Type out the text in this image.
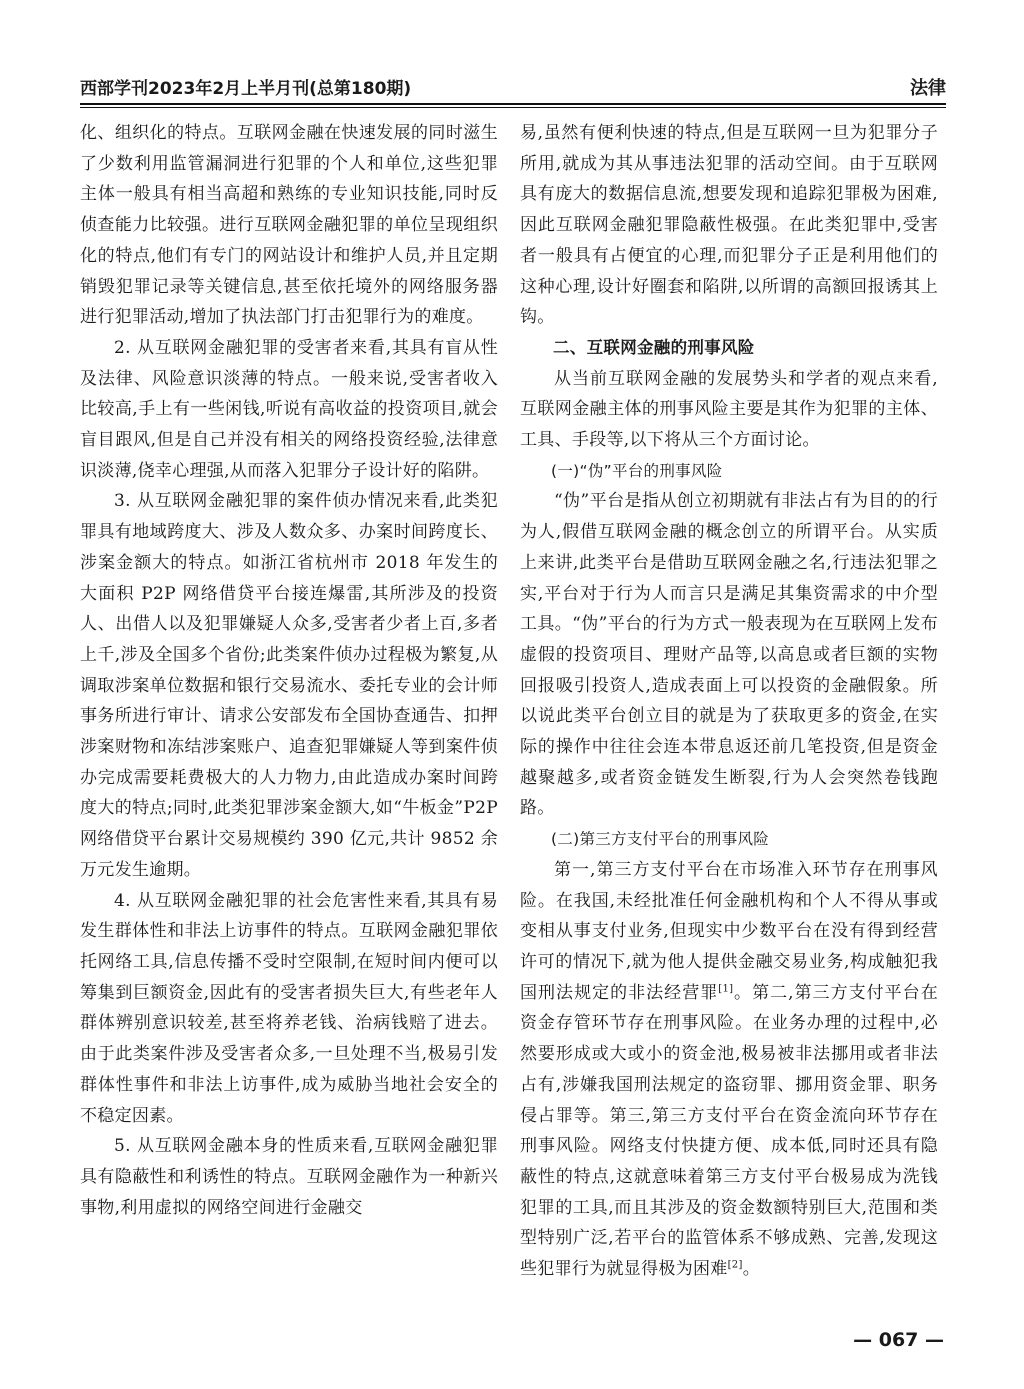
西部学刊2023年2月上半月刊(总第180期)	法律

化、组织化的特点。互联网金融在快速发展的同时滋生了少数利用监管漏洞进行犯罪的个人和单位,这些犯罪主体一般具有相当高超和熟练的专业知识技能,同时反侦查能力比较强。进行互联网金融犯罪的单位呈现组织化的特点,他们有专门的网站设计和维护人员,并且定期销毁犯罪记录等关键信息,甚至依托境外的网络服务器进行犯罪活动,增加了执法部门打击犯罪行为的难度。

2. 从互联网金融犯罪的受害者来看,其具有盲从性及法律、风险意识淡薄的特点。一般来说,受害者收入比较高,手上有一些闲钱,听说有高收益的投资项目,就会盲目跟风,但是自己并没有相关的网络投资经验,法律意识淡薄,侥幸心理强,从而落入犯罪分子设计好的陷阱。

3. 从互联网金融犯罪的案件侦办情况来看,此类犯罪具有地域跨度大、涉及人数众多、办案时间跨度长、涉案金额大的特点。如浙江省杭州市 2018 年发生的大面积 P2P 网络借贷平台接连爆雷,其所涉及的投资人、出借人以及犯罪嫌疑人众多,受害者少者上百,多者上千,涉及全国多个省份;此类案件侦办过程极为繁复,从调取涉案单位数据和银行交易流水、委托专业的会计师事务所进行审计、请求公安部发布全国协查通告、扣押涉案财物和冻结涉案账户、追查犯罪嫌疑人等到案件侦办完成需要耗费极大的人力物力,由此造成办案时间跨度大的特点;同时,此类犯罪涉案金额大,如“牛板金”P2P 网络借贷平台累计交易规模约 390 亿元,共计 9852 余万元发生逾期。

4. 从互联网金融犯罪的社会危害性来看,其具有易发生群体性和非法上访事件的特点。互联网金融犯罪依托网络工具,信息传播不受时空限制,在短时间内便可以筹集到巨额资金,因此有的受害者损失巨大,有些老年人群体辨别意识较差,甚至将养老钱、治病钱赔了进去。由于此类案件涉及受害者众多,一旦处理不当,极易引发群体性事件和非法上访事件,成为威胁当地社会安全的不稳定因素。

5. 从互联网金融本身的性质来看,互联网金融犯罪具有隐蔽性和利诱性的特点。互联网金融作为一种新兴事物,利用虚拟的网络空间进行金融交

易,虽然有便利快速的特点,但是互联网一旦为犯罪分子所用,就成为其从事违法犯罪的活动空间。由于互联网具有庞大的数据信息流,想要发现和追踪犯罪极为困难,因此互联网金融犯罪隐蔽性极强。在此类犯罪中,受害者一般具有占便宜的心理,而犯罪分子正是利用他们的这种心理,设计好圈套和陷阱,以所谓的高额回报诱其上钩。

二、互联网金融的刑事风险

从当前互联网金融的发展势头和学者的观点来看,互联网金融主体的刑事风险主要是其作为犯罪的主体、工具、手段等,以下将从三个方面讨论。

(一)“伪”平台的刑事风险

“伪”平台是指从创立初期就有非法占有为目的的行为人,假借互联网金融的概念创立的所谓平台。从实质上来讲,此类平台是借助互联网金融之名,行违法犯罪之实,平台对于行为人而言只是满足其集资需求的中介型工具。“伪”平台的行为方式一般表现为在互联网上发布虚假的投资项目、理财产品等,以高息或者巨额的实物回报吸引投资人,造成表面上可以投资的金融假象。所以说此类平台创立目的就是为了获取更多的资金,在实际的操作中往往会连本带息返还前几笔投资,但是资金越聚越多,或者资金链发生断裂,行为人会突然卷钱跑路。

(二)第三方支付平台的刑事风险

第一,第三方支付平台在市场准入环节存在刑事风险。在我国,未经批准任何金融机构和个人不得从事或变相从事支付业务,但现实中少数平台在没有得到经营许可的情况下,就为他人提供金融交易业务,构成触犯我国刑法规定的非法经营罪[1]。第二,第三方支付平台在资金存管环节存在刑事风险。在业务办理的过程中,必然要形成或大或小的资金池,极易被非法挪用或者非法占有,涉嫌我国刑法规定的盗窃罪、挪用资金罪、职务侵占罪等。第三,第三方支付平台在资金流向环节存在刑事风险。网络支付快捷方便、成本低,同时还具有隐蔽性的特点,这就意味着第三方支付平台极易成为洗钱犯罪的工具,而且其涉及的资金数额特别巨大,范围和类型特别广泛,若平台的监管体系不够成熟、完善,发现这些犯罪行为就显得极为困难[2]。

— 067 —
